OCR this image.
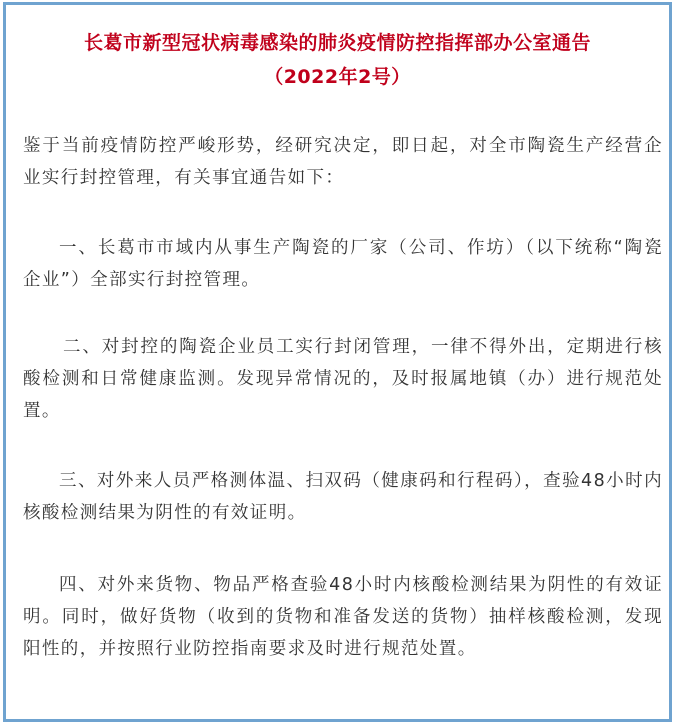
长葛市新型冠状病毒感染的肺炎疫情防控指挥部办公室通告
（2022年2号）

鉴于当前疫情防控严峻形势，经研究决定，即日起，对全市陶瓷生产经营企业实行封控管理，有关事宜通告如下：

一、长葛市市域内从事生产陶瓷的厂家（公司、作坊）（以下统称“陶瓷企业”）全部实行封控管理。

二、对封控的陶瓷企业员工实行封闭管理，一律不得外出，定期进行核酸检测和日常健康监测。发现异常情况的，及时报属地镇（办）进行规范处置。

三、对外来人员严格测体温、扫双码（健康码和行程码），查验48小时内核酸检测结果为阴性的有效证明。

四、对外来货物、物品严格查验48小时内核酸检测结果为阴性的有效证明。同时，做好货物（收到的货物和准备发送的货物）抽样核酸检测，发现阳性的，并按照行业防控指南要求及时进行规范处置。
